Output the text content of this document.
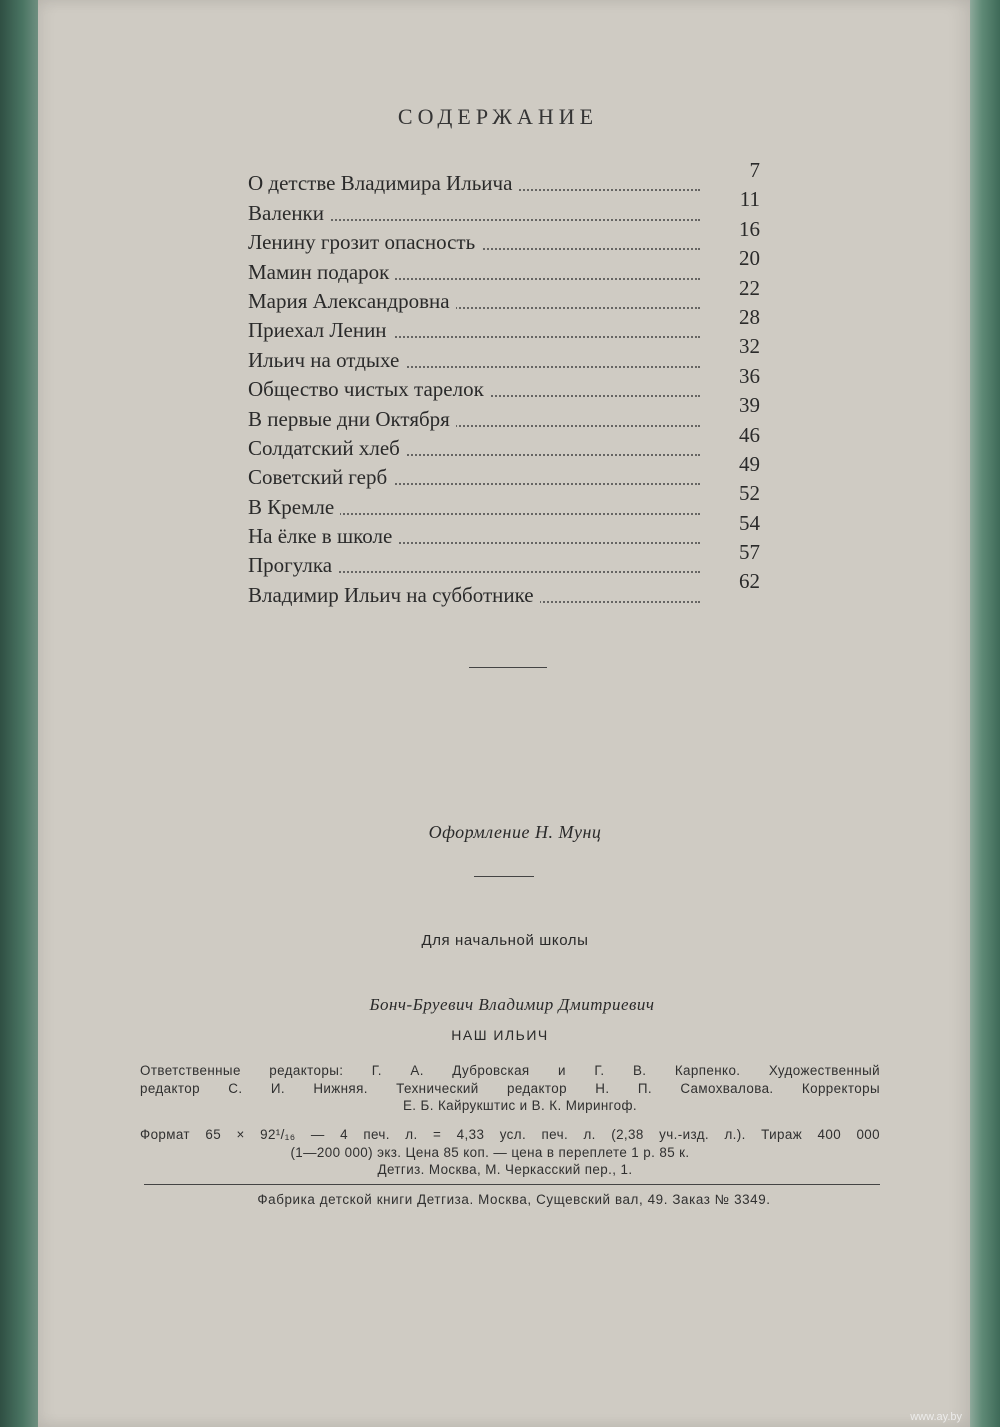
СОДЕРЖАНИЕ
О детстве Владимира Ильича
7
Валенки
11
Ленину грозит опасность
16
Мамин подарок
20
Мария Александровна
22
Приехал Ленин
28
Ильич на отдыхе
32
Общество чистых тарелок
36
В первые дни Октября
39
Солдатский хлеб
46
Советский герб
49
В Кремле
52
На ёлке в школе
54
Прогулка
57
Владимир Ильич на субботнике
62
Оформление Н. Мунц
Для начальной школы
Бонч-Бруевич Владимир Дмитриевич
НАШ ИЛЬИЧ

Ответственные редакторы: Г. А. Дубровская и Г. В. Карпенко. Художественный

редактор С. И. Нижняя. Технический редактор Н. П. Самохвалова. Корректоры

Е. Б. Кайрукштис и В. К. Мирингоф.

Формат 65 × 92¹/₁₆ — 4 печ. л. = 4,33 усл. печ. л. (2,38 уч.-изд. л.). Тираж 400 000

(1—200 000) экз. Цена 85 коп. — цена в переплете 1 р. 85 к.

Детгиз. Москва, М. Черкасский пер., 1.

Фабрика детской книги Детгиза. Москва, Сущевский вал, 49. Заказ № 3349.
www.ay.by
